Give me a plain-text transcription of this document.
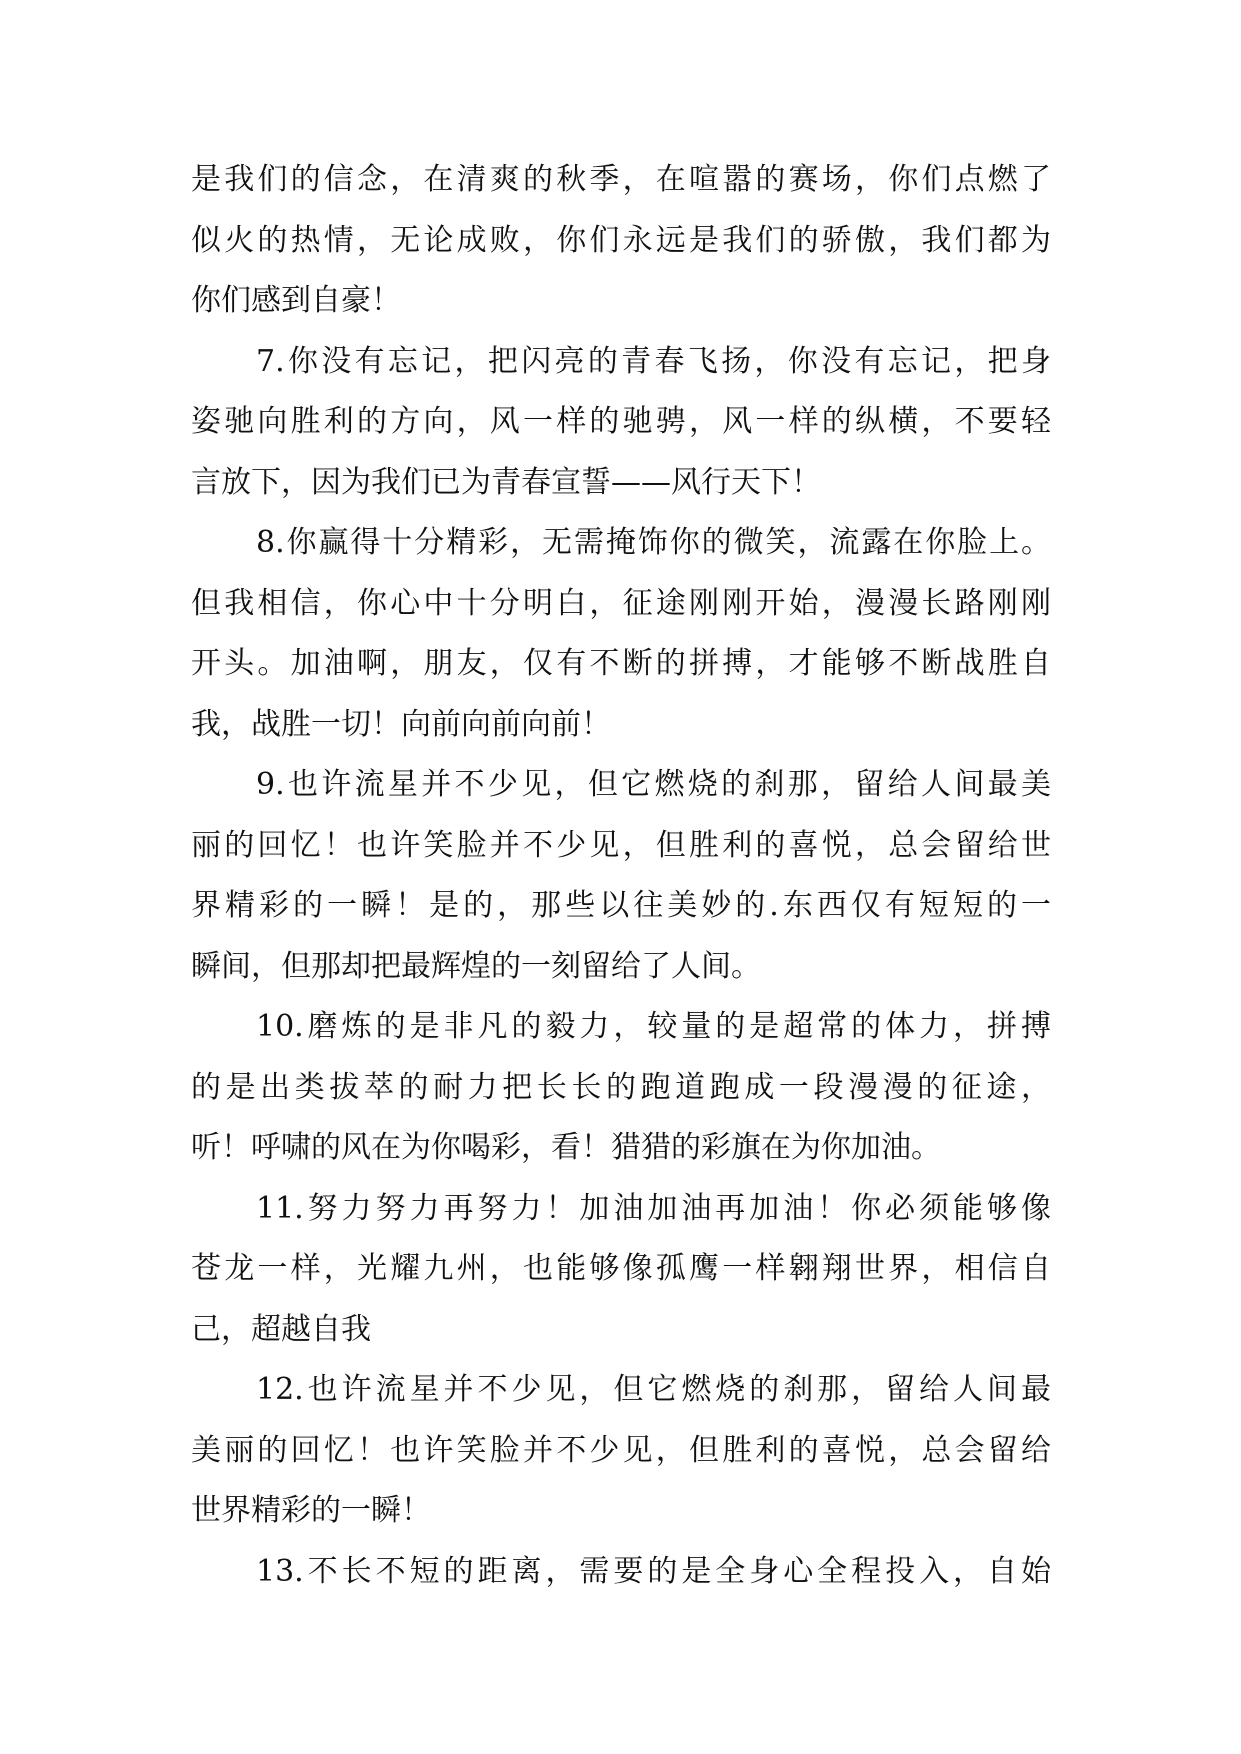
是我们的信念，在清爽的秋季，在喧嚣的赛场，你们点燃了
似火的热情，无论成败，你们永远是我们的骄傲，我们都为
你们感到自豪！
7.你没有忘记，把闪亮的青春飞扬，你没有忘记，把身
姿驰向胜利的方向，风一样的驰骋，风一样的纵横，不要轻
言放下，因为我们已为青春宣誓——风行天下！
8.你赢得十分精彩，无需掩饰你的微笑，流露在你脸上。
但我相信，你心中十分明白，征途刚刚开始，漫漫长路刚刚
开头。加油啊，朋友，仅有不断的拼搏，才能够不断战胜自
我，战胜一切！向前向前向前！
9.也许流星并不少见，但它燃烧的刹那，留给人间最美
丽的回忆！也许笑脸并不少见，但胜利的喜悦，总会留给世
界精彩的一瞬！是的，那些以往美妙的.东西仅有短短的一
瞬间，但那却把最辉煌的一刻留给了人间。
10.磨炼的是非凡的毅力，较量的是超常的体力，拼搏
的是出类拔萃的耐力把长长的跑道跑成一段漫漫的征途，
听！呼啸的风在为你喝彩，看！猎猎的彩旗在为你加油。
11.努力努力再努力！加油加油再加油！你必须能够像
苍龙一样，光耀九州，也能够像孤鹰一样翱翔世界，相信自
己，超越自我
12.也许流星并不少见，但它燃烧的刹那，留给人间最
美丽的回忆！也许笑脸并不少见，但胜利的喜悦，总会留给
世界精彩的一瞬！
13.不长不短的距离，需要的是全身心全程投入，自始
